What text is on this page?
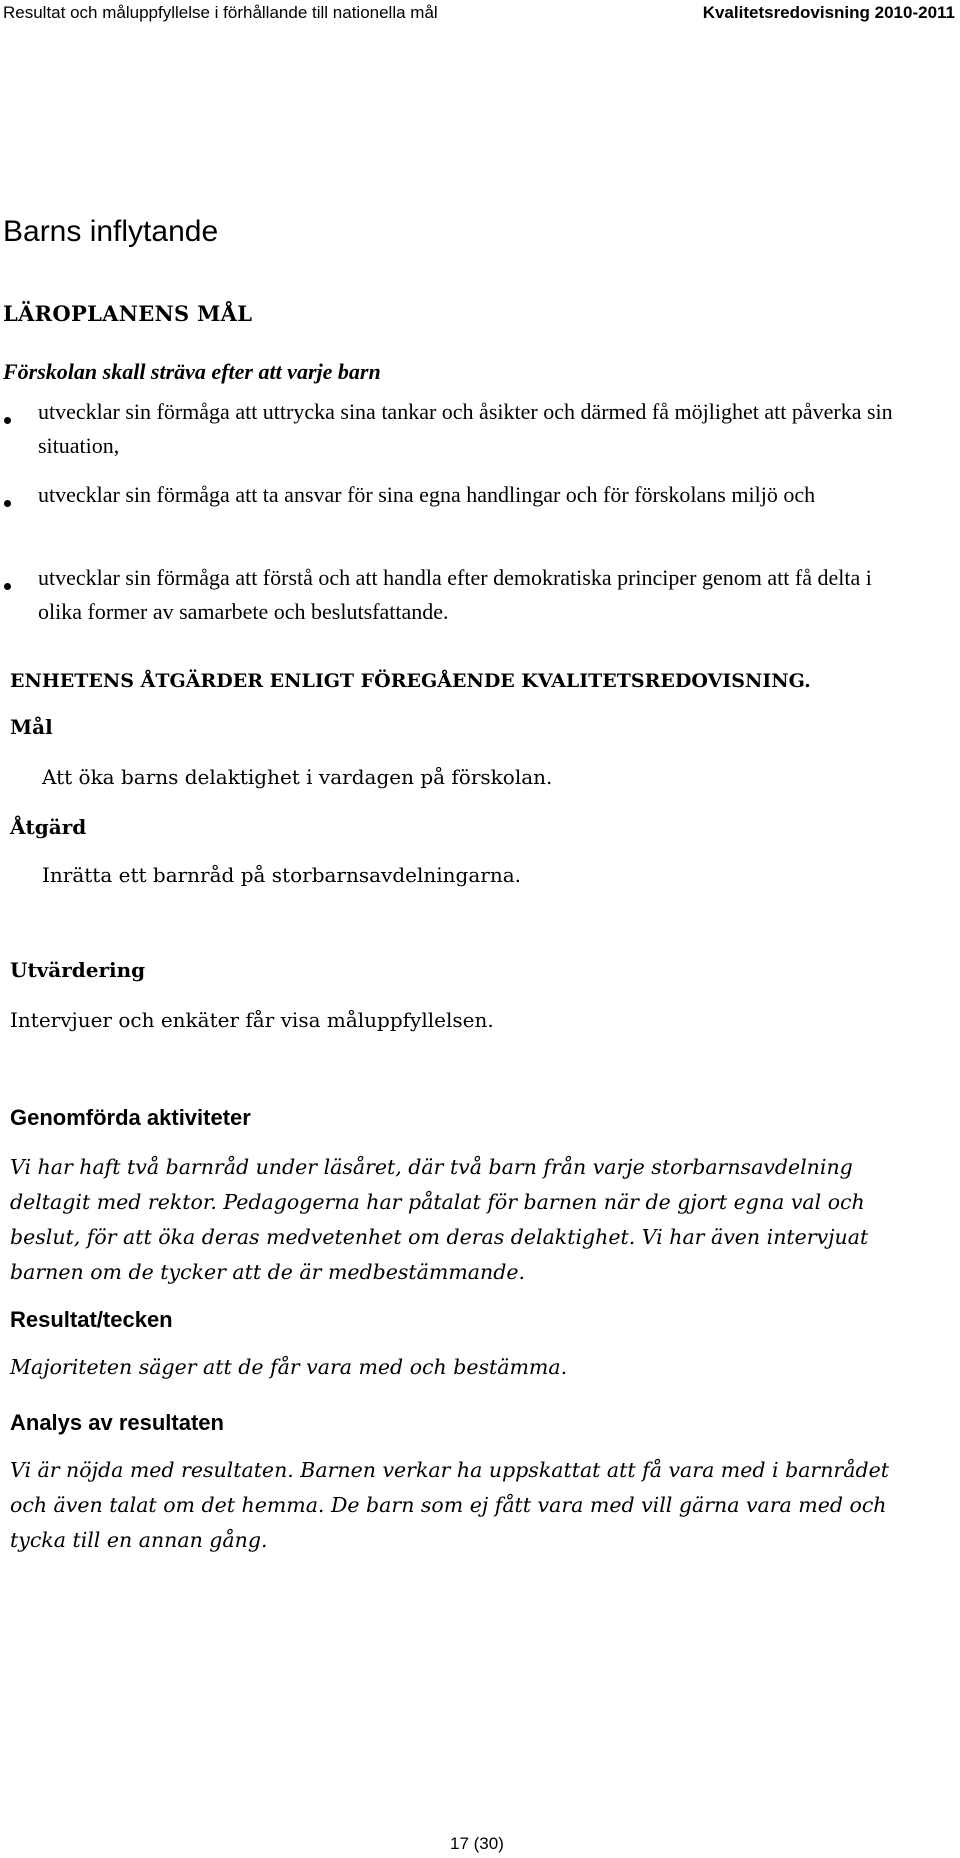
Resultat och måluppfyllelse i förhållande till nationella mål	Kvalitetsredovisning 2010-2011
Barns inflytande
LÄROPLANENS MÅL
Förskolan skall sträva efter att varje barn
utvecklar sin förmåga att uttrycka sina tankar och åsikter och därmed få möjlighet att påverka sin situation,
utvecklar sin förmåga att ta ansvar för sina egna handlingar och för förskolans miljö och
utvecklar sin förmåga att förstå och att handla efter demokratiska principer genom att få delta i olika former av samarbete och beslutsfattande.
ENHETENS ÅTGÄRDER ENLIGT FÖREGÅENDE KVALITETSREDOVISNING.
Mål
Att öka barns delaktighet i vardagen på förskolan.
Åtgärd
Inrätta ett barnråd på storbarnsavdelningarna.
Utvärdering
Intervjuer och enkäter får visa måluppfyllelsen.
Genomförda aktiviteter
Vi har haft två barnråd under läsåret, där två barn från varje storbarnsavdelning deltagit med rektor. Pedagogerna har påtalat för barnen när de gjort egna val och beslut, för att öka deras medvetenhet om deras delaktighet. Vi har även intervjuat barnen om de tycker att de är medbestämmande.
Resultat/tecken
Majoriteten säger att de får vara med och bestämma.
Analys av resultaten
Vi är nöjda med resultaten. Barnen verkar ha uppskattat att få vara med i barnrådet och även talat om det hemma. De barn som ej fått vara med vill gärna vara med och tycka till en annan gång.
17 (30)
